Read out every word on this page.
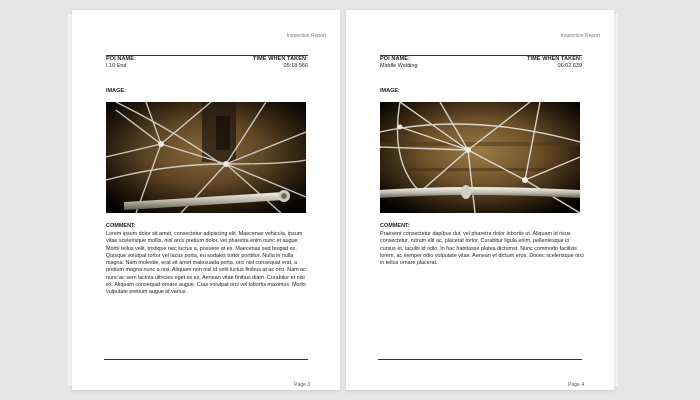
Inspection Report
POI NAME:	TIME WHEN TAKEN:
L10 End	05:18.566
IMAGE:
COMMENT:

Lorem ipsum dolor sit amet, consectetur adipiscing elit. Maecenas vehicula, ipsum vitae scelerisque mollis, nisl arcu pretium dolor, vel pharetra enim nunc et augue. Morbi tellus velit, tristique nec luctus a, posuere at ex. Maecenas sed feugiat ex. Quisque volutpat tortor vel lacus porta, eu sodales tortor porttitor. Nulla in nulla magna. Nam molestie, erat sit amet malesuada porta, orci nisl consequat erat, a pretium magna nunc a nisl. Aliquam non nisl id velit luctus finibus at ac orci. Nam ac nunc ac sem lacinia ultricies eget ex ex. Aenean vitae finibus diam. Curabitur et nisi ex. Aliquam consequat ornare augue. Cras volutpat orci vel lobortis maximus. Morbi vulputate pretium augue id varius.

Page 3
Inspection Report
POI NAME:	TIME WHEN TAKEN:
Middle Welding	06:02.639
IMAGE:
COMMENT:

Praesent consectetur dapibus dui, vel pharetra dolor lobortis ut. Aliquam id risus consectetur, rutrum elit ac, placerat tortor. Curabitur ligula enim, pellentesque in cursus et, iaculis id odio. In hac habitasse platea dictumst. Nunc commodo facilisis lorem, ac semper odio vulputate vitae. Aenean et dictum eros. Donec scelerisque orci in tellus ornare placerat.

Page 4
